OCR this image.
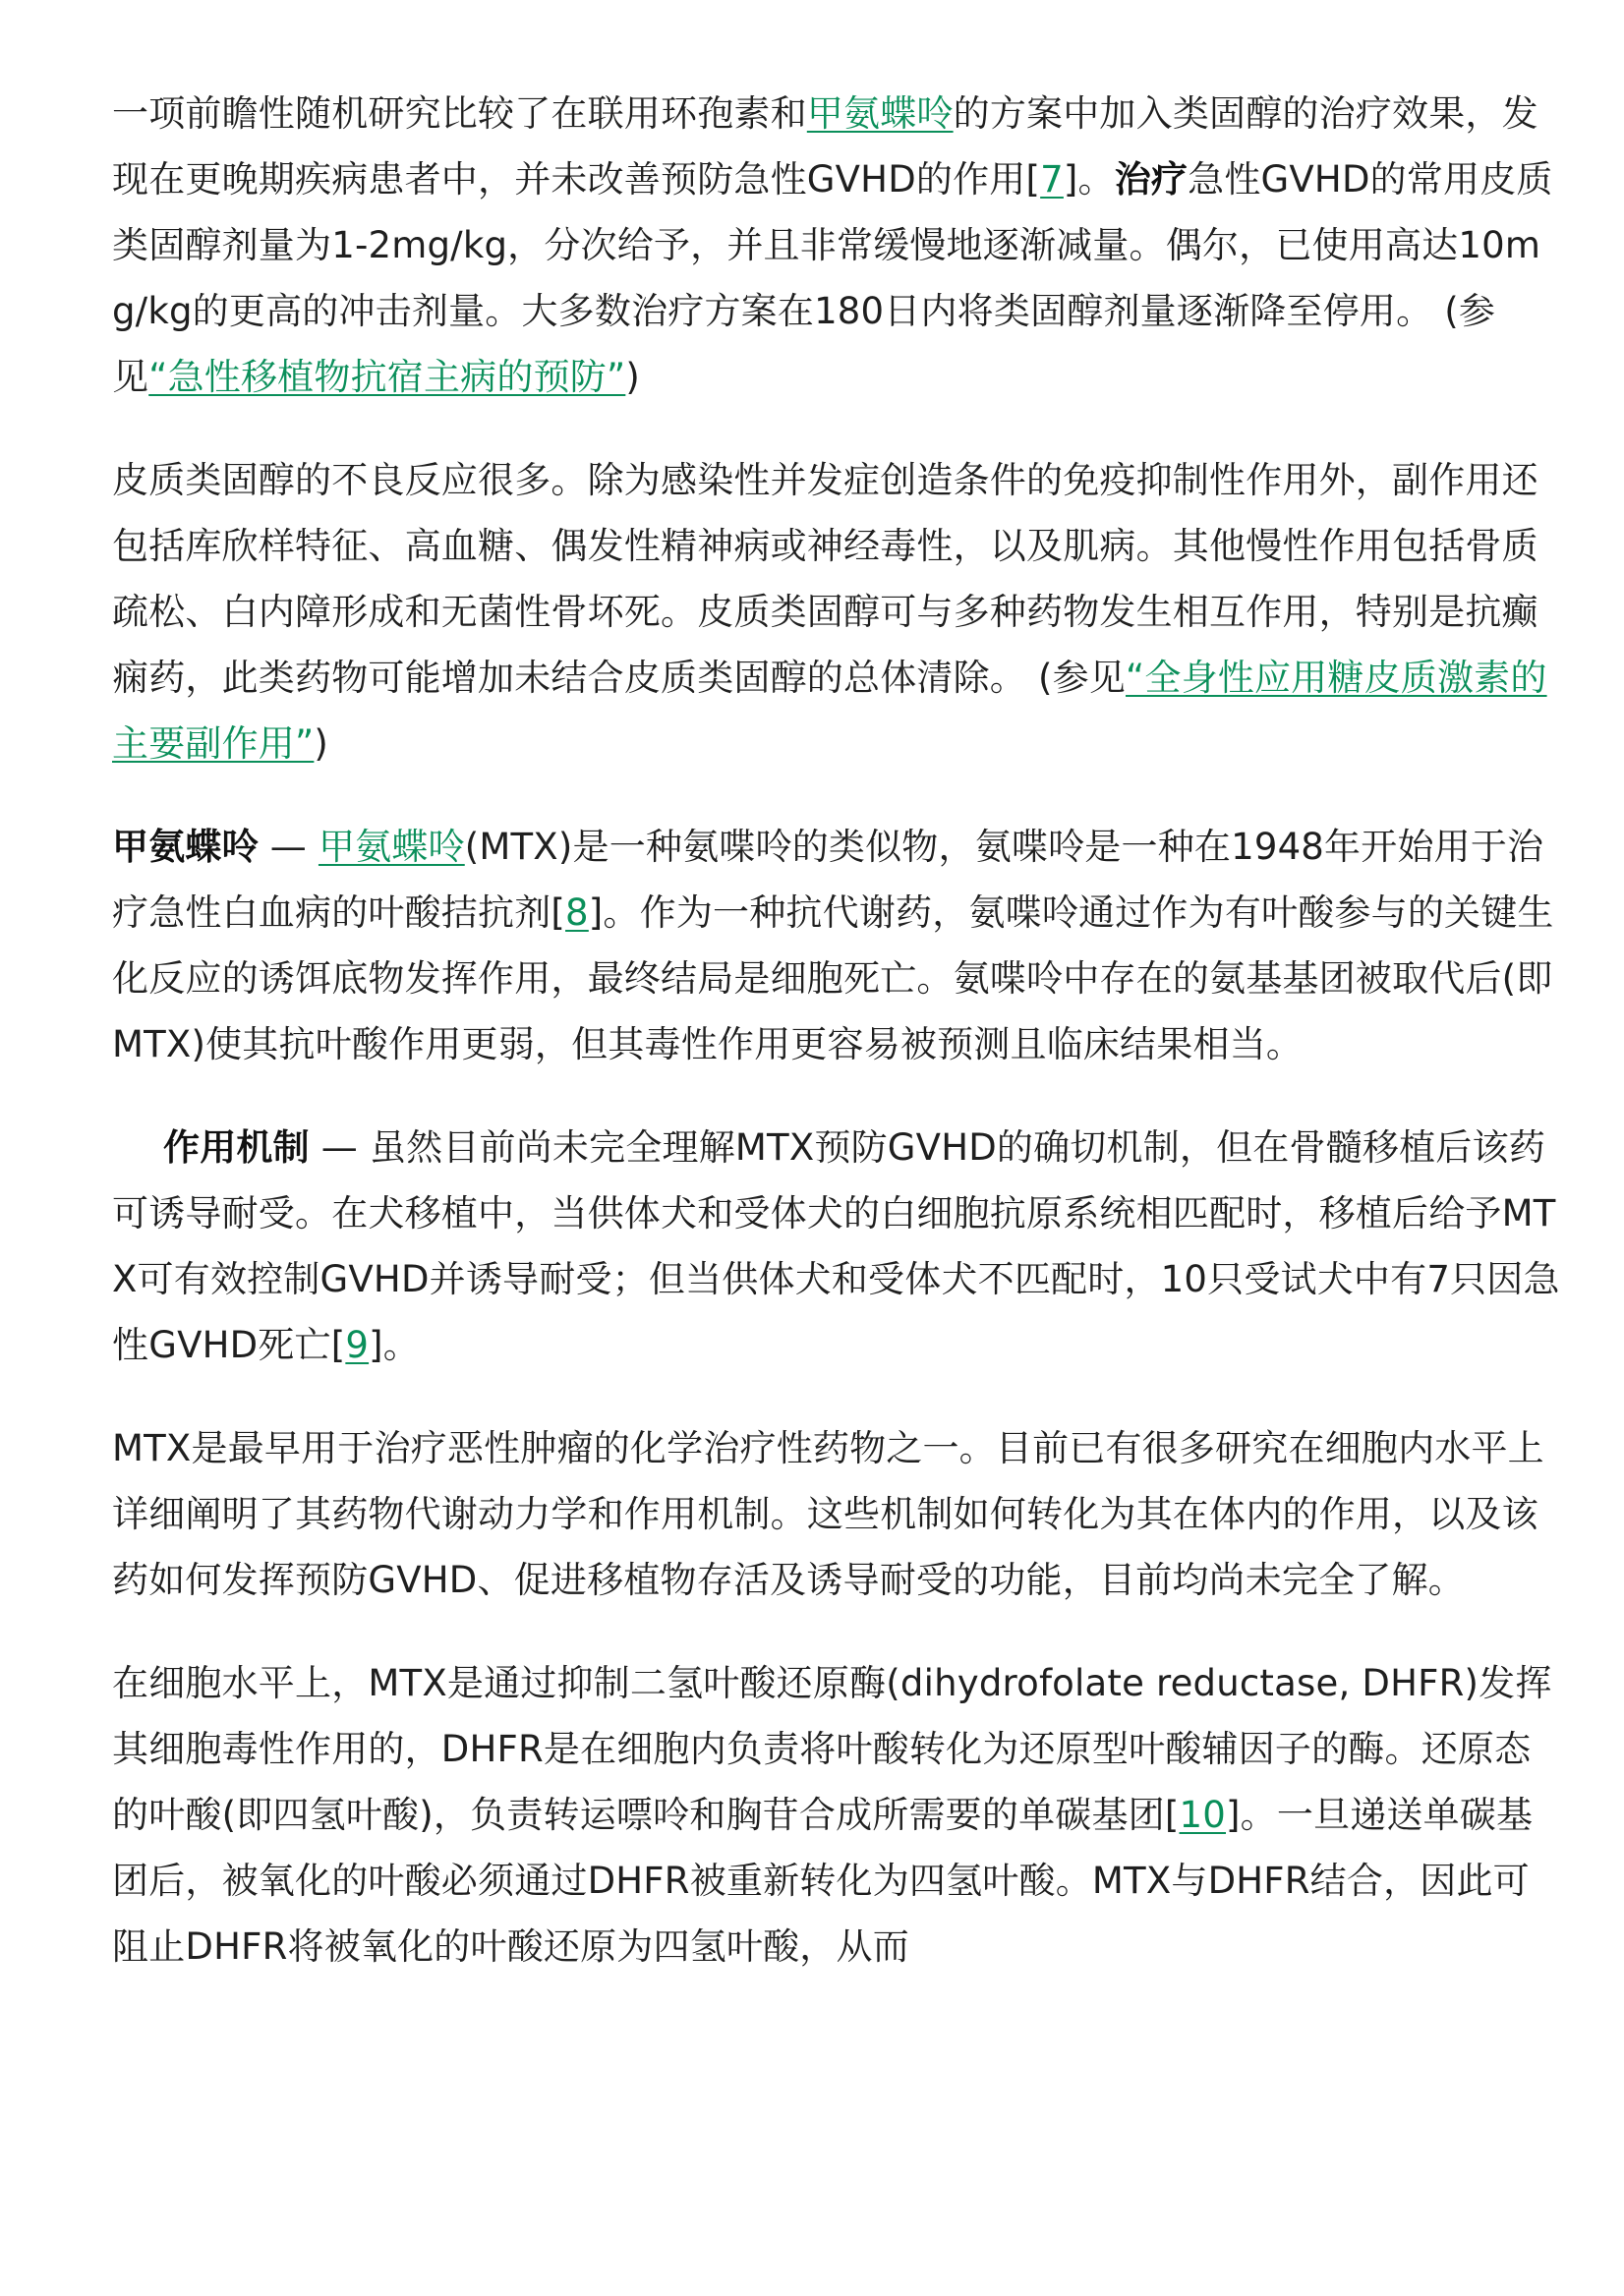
一项前瞻性随机研究比较了在联用环孢素和甲氨蝶呤的方案中加入类固醇的治疗效果，发现在更晚期疾病患者中，并未改善预防急性GVHD的作用[7]。治疗急性GVHD的常用皮质类固醇剂量为1-2mg/kg，分次给予，并且非常缓慢地逐渐减量。偶尔，已使用高达10mg/kg的更高的冲击剂量。大多数治疗方案在180日内将类固醇剂量逐渐降至停用。 (参见“急性移植物抗宿主病的预防”)

皮质类固醇的不良反应很多。除为感染性并发症创造条件的免疫抑制性作用外，副作用还包括库欣样特征、高血糖、偶发性精神病或神经毒性，以及肌病。其他慢性作用包括骨质疏松、白内障形成和无菌性骨坏死。皮质类固醇可与多种药物发生相互作用，特别是抗癫痫药，此类药物可能增加未结合皮质类固醇的总体清除。 (参见“全身性应用糖皮质激素的主要副作用”)

甲氨蝶呤 — 甲氨蝶呤(MTX)是一种氨喋呤的类似物，氨喋呤是一种在1948年开始用于治疗急性白血病的叶酸拮抗剂[8]。作为一种抗代谢药，氨喋呤通过作为有叶酸参与的关键生化反应的诱饵底物发挥作用，最终结局是细胞死亡。氨喋呤中存在的氨基基团被取代后(即MTX)使其抗叶酸作用更弱，但其毒性作用更容易被预测且临床结果相当。

作用机制 — 虽然目前尚未完全理解MTX预防GVHD的确切机制，但在骨髓移植后该药可诱导耐受。在犬移植中，当供体犬和受体犬的白细胞抗原系统相匹配时，移植后给予MTX可有效控制GVHD并诱导耐受；但当供体犬和受体犬不匹配时，10只受试犬中有7只因急性GVHD死亡[9]。

MTX是最早用于治疗恶性肿瘤的化学治疗性药物之一。目前已有很多研究在细胞内水平上详细阐明了其药物代谢动力学和作用机制。这些机制如何转化为其在体内的作用，以及该药如何发挥预防GVHD、促进移植物存活及诱导耐受的功能，目前均尚未完全了解。

在细胞水平上，MTX是通过抑制二氢叶酸还原酶(dihydrofolate reductase, DHFR)发挥其细胞毒性作用的，DHFR是在细胞内负责将叶酸转化为还原型叶酸辅因子的酶。还原态的叶酸(即四氢叶酸)，负责转运嘌呤和胸苷合成所需要的单碳基团[10]。一旦递送单碳基团后，被氧化的叶酸必须通过DHFR被重新转化为四氢叶酸。MTX与DHFR结合，因此可阻止DHFR将被氧化的叶酸还原为四氢叶酸，从而
